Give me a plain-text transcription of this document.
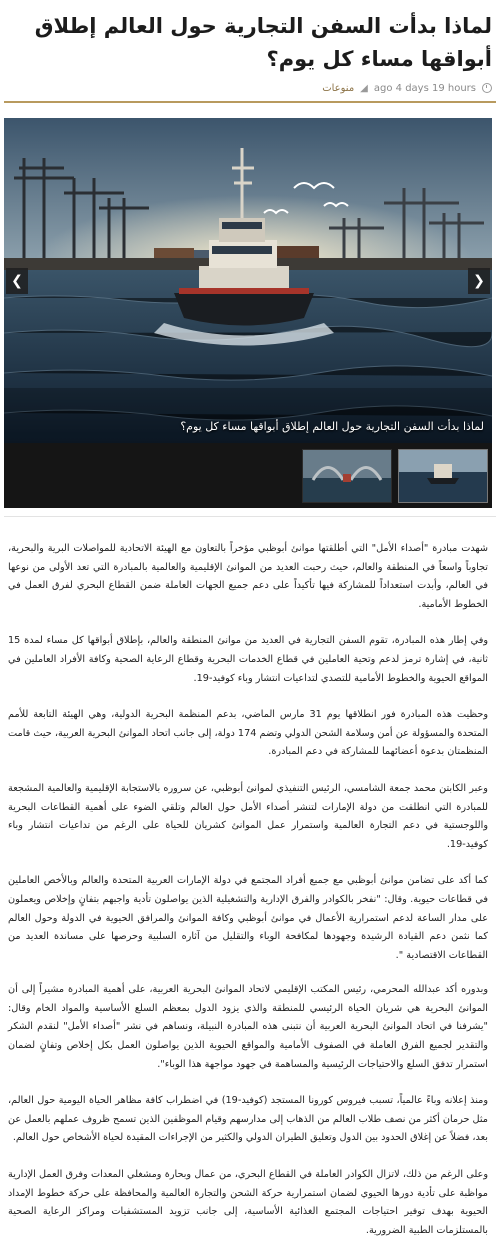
لماذا بدأت السفن التجارية حول العالم إطلاق أبواقها مساء كل يوم؟
ago 4 days 19 hours
◢
منوعات
لماذا بدأت السفن التجارية حول العالم إطلاق أبواقها مساء كل يوم؟
❮	❯

شهدت مبادرة "أصداء الأمل" التي أطلقتها موانئ أبوظبي مؤخراً بالتعاون مع الهيئة الاتحادية للمواصلات البرية والبحرية، تجاوباً واسعاً في المنطقة والعالم، حيث رحبت العديد من الموانئ الإقليمية والعالمية بالمبادرة التي تعد الأولى من نوعها في العالم، وأبدت استعداداً للمشاركة فيها تأكيداً على دعم جميع الجهات العاملة ضمن القطاع البحري لفرق العمل في الخطوط الأمامية.

وفي إطار هذه المبادرة، تقوم السفن التجارية في العديد من موانئ المنطقة والعالم، بإطلاق أبواقها كل مساء لمدة 15 ثانية، في إشارة ترمز لدعم وتحية العاملين في قطاع الخدمات البحرية وقطاع الرعاية الصحية وكافة الأفراد العاملين في المواقع الحيوية والخطوط الأمامية للتصدي لتداعيات انتشار وباء كوفيد-19.

وحظيت هذه المبادرة فور انطلاقها يوم 31 مارس الماضي، بدعم المنظمة البحرية الدولية، وهي الهيئة التابعة للأمم المتحدة والمسؤولة عن أمن وسلامة الشحن الدولي وتضم 174 دولة، إلى جانب اتحاد الموانئ البحرية العربية، حيث قامت المنظمتان بدعوة أعضائهما للمشاركة في دعم المبادرة.

وعبر الكابتن محمد جمعة الشامسي، الرئيس التنفيذي لموانئ أبوظبي، عن سروره بالاستجابة الإقليمية والعالمية المشجعة للمبادرة التي انطلقت من دولة الإمارات لتنشر أصداء الأمل حول العالم وتلقي الضوء على أهمية القطاعات البحرية واللوجستية في دعم التجارة العالمية واستمرار عمل الموانئ كشريان للحياة على الرغم من تداعيات انتشار وباء كوفيد-19.

كما أكد على تضامن موانئ أبوظبي مع جميع أفراد المجتمع في دولة الإمارات العربية المتحدة والعالم وبالأخص العاملين في قطاعات حيوية. وقال: "نفخر بالكوادر والفرق الإدارية والتشغيلية الذين يواصلون تأدية واجبهم بتفانٍ وإخلاص ويعملون على مدار الساعة لدعم استمرارية الأعمال في موانئ أبوظبي وكافة الموانئ والمرافق الحيوية في الدولة وحول العالم كما نثمن دعم القيادة الرشيدة وجهودها لمكافحة الوباء والتقليل من آثاره السلبية وحرصها على مساندة العديد من القطاعات الاقتصادية ".

وبدوره أكد عبدالله المحرمي، رئيس المكتب الإقليمي لاتحاد الموانئ البحرية العربية، على أهمية المبادرة مشيراً إلى أن الموانئ البحرية هي شريان الحياة الرئيسي للمنطقة والذي يزود الدول بمعظم السلع الأساسية والمواد الخام وقال: "يشرفنا في اتحاد الموانئ البحرية العربية أن نتبنى هذه المبادرة النبيلة، ونساهم في نشر "أصداء الأمل" لنقدم الشكر والتقدير لجميع الفرق العاملة في الصفوف الأمامية والمواقع الحيوية الذين يواصلون العمل بكل إخلاص وتفانٍ لضمان استمرار تدفق السلع والاحتياجات الرئيسية والمساهمة في جهود مواجهة هذا الوباء".

ومنذ إعلانه وباءً عالمياً، تسبب فيروس كورونا المستجد (كوفيد-19) في اضطراب كافة مظاهر الحياة اليومية حول العالم، مثل حرمان أكثر من نصف طلاب العالم من الذهاب إلى مدارسهم وقيام الموظفين الذين تسمح ظروف عملهم بالعمل عن بعد، فضلاً عن إغلاق الحدود بين الدول وتعليق الطيران الدولي والكثير من الإجراءات المقيدة لحياة الأشخاص حول العالم.

وعلى الرغم من ذلك، لاتزال الكوادر العاملة في القطاع البحري، من عمال وبحارة ومشغلي المعدات وفرق العمل الإدارية مواظبة على تأدية دورها الحيوي لضمان استمرارية حركة الشحن والتجارة العالمية والمحافظة على حركة خطوط الإمداد الحيوية بهدف توفير احتياجات المجتمع الغذائية الأساسية، إلى جانب تزويد المستشفيات ومراكز الرعاية الصحية بالمستلزمات الطبية الضرورية.
